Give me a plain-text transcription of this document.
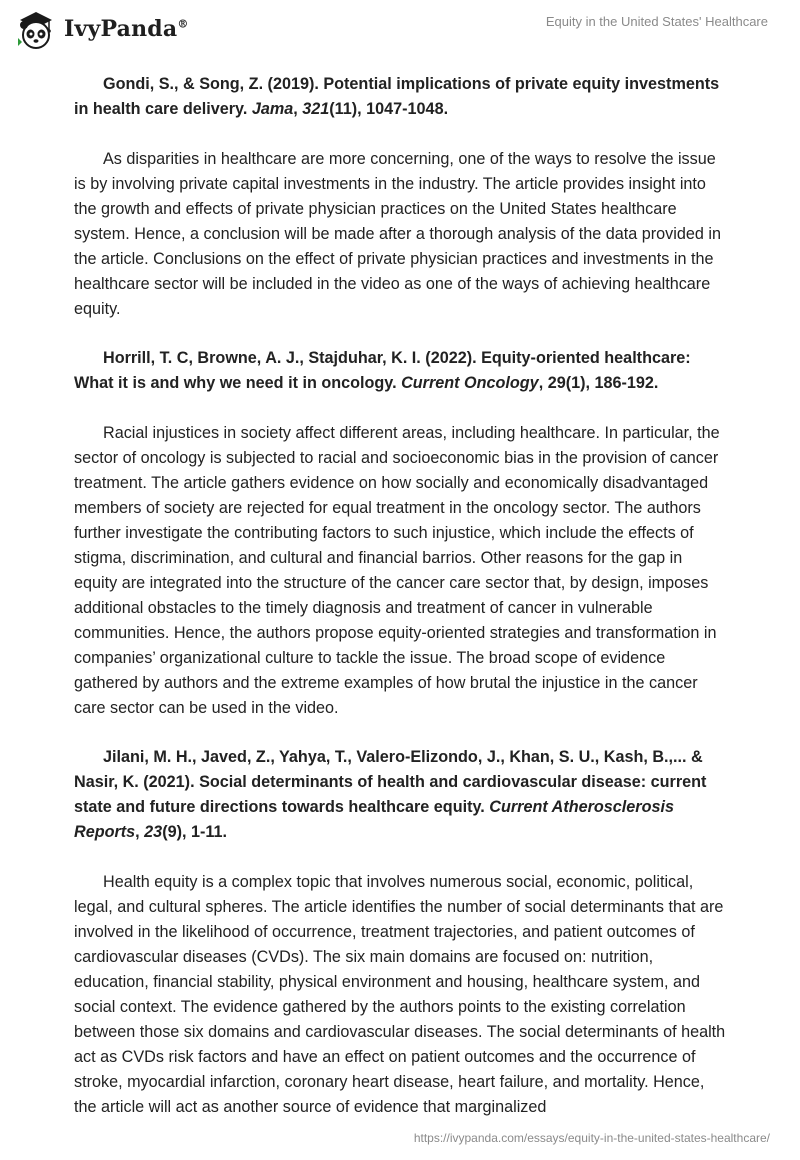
IvyPanda®	Equity in the United States' Healthcare

Gondi, S., & Song, Z. (2019). Potential implications of private equity investments in health care delivery. Jama, 321(11), 1047-1048.

As disparities in healthcare are more concerning, one of the ways to resolve the issue is by involving private capital investments in the industry. The article provides insight into the growth and effects of private physician practices on the United States healthcare system. Hence, a conclusion will be made after a thorough analysis of the data provided in the article. Conclusions on the effect of private physician practices and investments in the healthcare sector will be included in the video as one of the ways of achieving healthcare equity.

Horrill, T. C, Browne, A. J., Stajduhar, K. I. (2022). Equity-oriented healthcare: What it is and why we need it in oncology. Current Oncology, 29(1), 186-192.

Racial injustices in society affect different areas, including healthcare. In particular, the sector of oncology is subjected to racial and socioeconomic bias in the provision of cancer treatment. The article gathers evidence on how socially and economically disadvantaged members of society are rejected for equal treatment in the oncology sector. The authors further investigate the contributing factors to such injustice, which include the effects of stigma, discrimination, and cultural and financial barrios. Other reasons for the gap in equity are integrated into the structure of the cancer care sector that, by design, imposes additional obstacles to the timely diagnosis and treatment of cancer in vulnerable communities. Hence, the authors propose equity-oriented strategies and transformation in companies’ organizational culture to tackle the issue. The broad scope of evidence gathered by authors and the extreme examples of how brutal the injustice in the cancer care sector can be used in the video.

Jilani, M. H., Javed, Z., Yahya, T., Valero-Elizondo, J., Khan, S. U., Kash, B.,... & Nasir, K. (2021). Social determinants of health and cardiovascular disease: current state and future directions towards healthcare equity. Current Atherosclerosis Reports, 23(9), 1-11.

Health equity is a complex topic that involves numerous social, economic, political, legal, and cultural spheres. The article identifies the number of social determinants that are involved in the likelihood of occurrence, treatment trajectories, and patient outcomes of cardiovascular diseases (CVDs). The six main domains are focused on: nutrition, education, financial stability, physical environment and housing, healthcare system, and social context. The evidence gathered by the authors points to the existing correlation between those six domains and cardiovascular diseases. The social determinants of health act as CVDs risk factors and have an effect on patient outcomes and the occurrence of stroke, myocardial infarction, coronary heart disease, heart failure, and mortality. Hence, the article will act as another source of evidence that marginalized

https://ivypanda.com/essays/equity-in-the-united-states-healthcare/
